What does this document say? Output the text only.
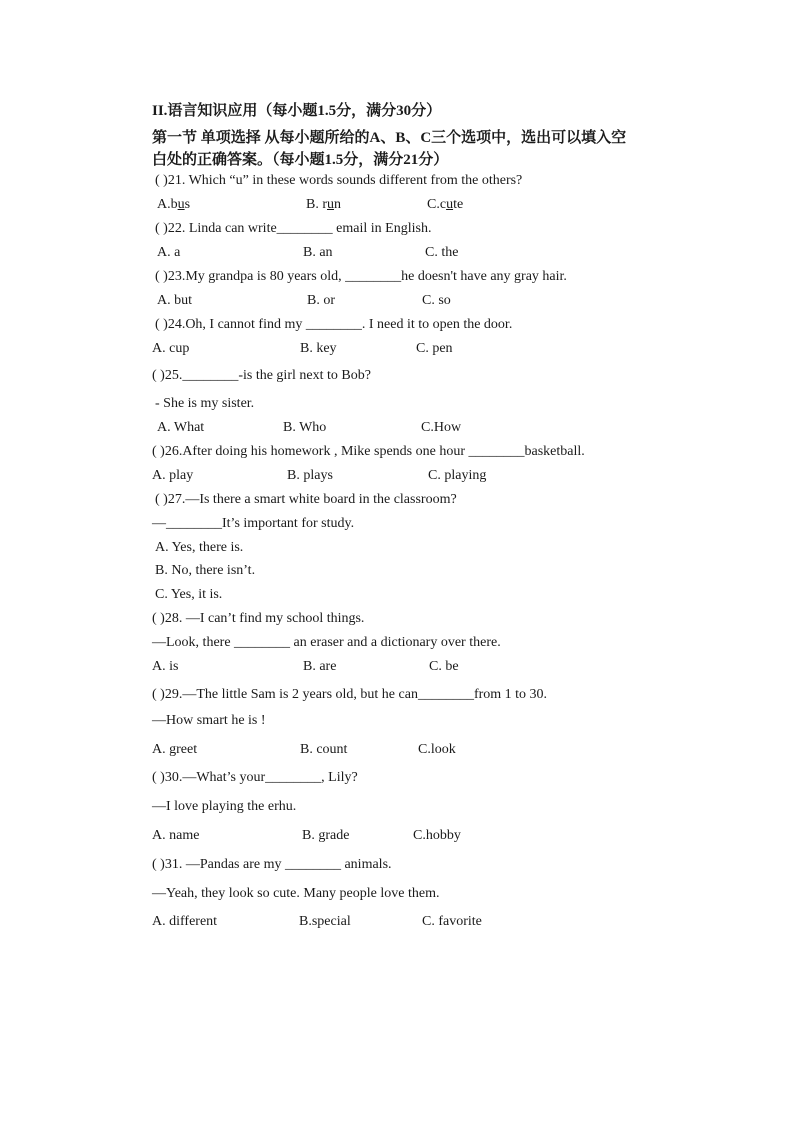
II.语言知识应用（每小题1.5分，满分30分）
第一节 单项选择 从每小题所给的A、B、C三个选项中，选出可以填入空
白处的正确答案。（每小题1.5分，满分21分）
( )21. Which “u” in these words sounds different from the others?
A.bus	B. run	C.cute
( )22. Linda can write________ email in English.
A. a	B. an	C. the
( )23.My grandpa is 80 years old, ________he doesn't have any gray hair.
A. but	B. or	C. so
( )24.Oh, I cannot find my ________. I need it to open the door.
A. cup	B. key	C. pen
( )25.________-is the girl next to Bob?
- She is my sister.
A. What	B. Who	C.How
( )26.After doing his homework , Mike spends one hour ________basketball.
A. play	B. plays	C. playing
( )27.—Is there a smart white board in the classroom?
—________It’s important for study.
A. Yes, there is.
B. No, there isn’t.
C. Yes, it is.
( )28. —I can’t find my school things.
—Look, there ________ an eraser and a dictionary over there.
A. is	B. are	C. be
( )29.—The little Sam is 2 years old, but he can________from 1 to 30.
—How smart he is !
A. greet	B. count	C.look
( )30.—What’s your________, Lily?
—I love playing the erhu.
A. name	B. grade	C.hobby
( )31. —Pandas are my ________ animals.
—Yeah, they look so cute. Many people love them.
A. different	B.special	C. favorite
